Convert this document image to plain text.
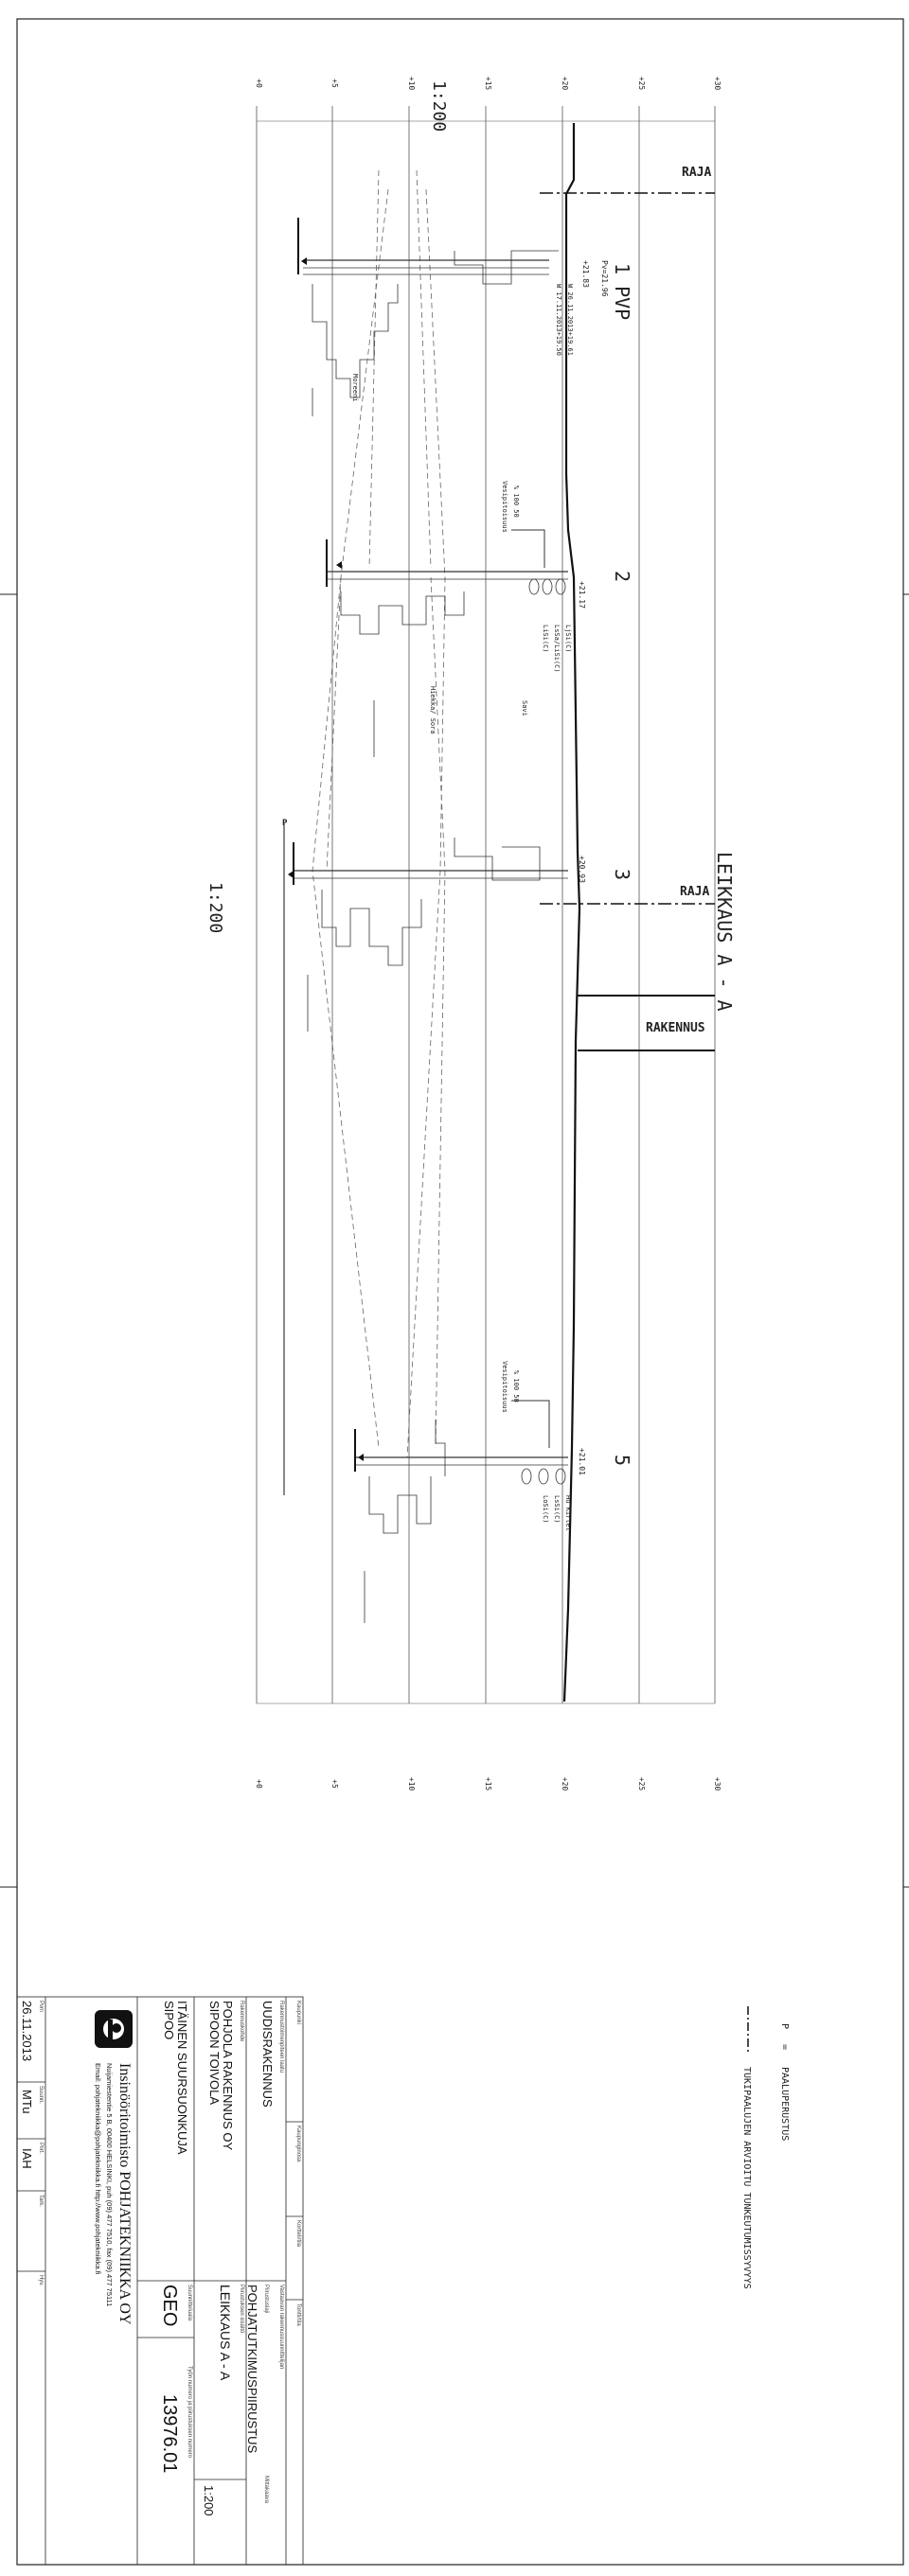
+0	+5	+10	+15	+20	+25	+30
+0	+5	+10	+15	+20	+25	+30
1:200
1:200	LEIKKAUS A - A
RAJA
RAJA
RAKENNUS
P
1 PVP
Pv=21.96
+21.83
W 26.11.2013+19.61
W 17.11.2013+19.50
2
+21.17
LjSi(C)
LsSa/LiSi(C)
LiSi(C)
Savi
3
+20.93
5
+21.01
Hu Kirtet
LsSi(C)
LoSi(C)
Moreeni
Hiekka/ Sora
Vesipitoisuus % 100 50
Vesipitoisuus % 100 50
P
=
PAALUPERUSTUS
TUKIPAALUJEN ARVIOITU TUNKEUTUMISSYVYYS
Kaupunki
Kaupunginosa
Kortteli/tila
Tontti/tila
Rakennustoimenpiteen laatu
UUDISRAKENNUS
Vastaavan rakennussuunnittelijan
Piirustuslaji
POHJATUTKIMUSPIIRUSTUS
Mittakaava
Rakennuskohde
POHJOLA RAKENNUS OY
SIPOON TOIVOLA
Piirustuksen sisältö
LEIKKAUS A - A
1:200
ITÄINEN SUURSUONKUJA
SIPOO
Suunnitteluala
GEO
Työn numero ja piirustuksen numero
13976.01
Insinööritoimisto POHJATEKNIIKKA OY
Nuijamiestentie 5 B, 00400 HELSINKI, puh (09) 477 7510, fax (09) 477 75111
Email: pohjatekniikka@pohjatekniikka.fi http://www.pohjatekniikka.fi
Pvm
26.11.2013
Suunn.
MTu
Piirt.
IAH
Tark.
Hyv.
